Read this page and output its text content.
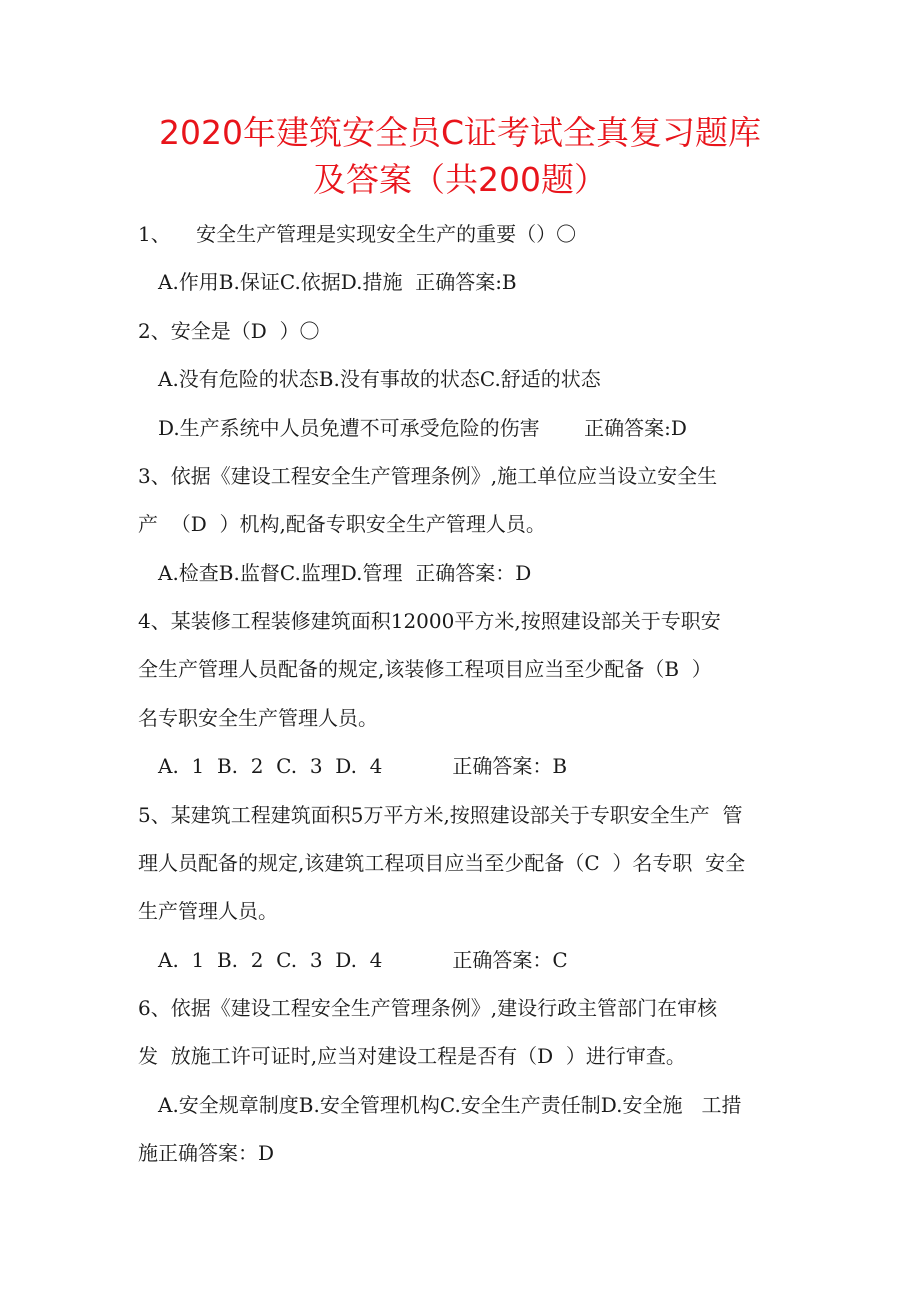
2020年建筑安全员C证考试全真复习题库
及答案（共200题）
1、    安全生产管理是实现安全生产的重要（）〇
A.作用B.保证C.依据D.措施  正确答案:B
2、安全是（D  ）〇
A.没有危险的状态B.没有事故的状态C.舒适的状态
D.生产系统中人员免遭不可承受危险的伤害       正确答案:D
3、依据《建设工程安全生产管理条例》,施工单位应当设立安全生
产  （D  ）机构,配备专职安全生产管理人员。
A.检查B.监督C.监理D.管理  正确答案：D
4、某装修工程装修建筑面积12000平方米,按照建设部关于专职安
全生产管理人员配备的规定,该装修工程项目应当至少配备（B  ）
名专职安全生产管理人员。
A.  1  B.  2  C.  3  D.  4           正确答案：B
5、某建筑工程建筑面积5万平方米,按照建设部关于专职安全生产  管
理人员配备的规定,该建筑工程项目应当至少配备（C  ）名专职  安全
生产管理人员。
A.  1  B.  2  C.  3  D.  4           正确答案：C
6、依据《建设工程安全生产管理条例》,建设行政主管部门在审核
发  放施工许可证时,应当对建设工程是否有（D  ）进行审查。
A.安全规章制度B.安全管理机构C.安全生产责任制D.安全施   工措
施正确答案：D
